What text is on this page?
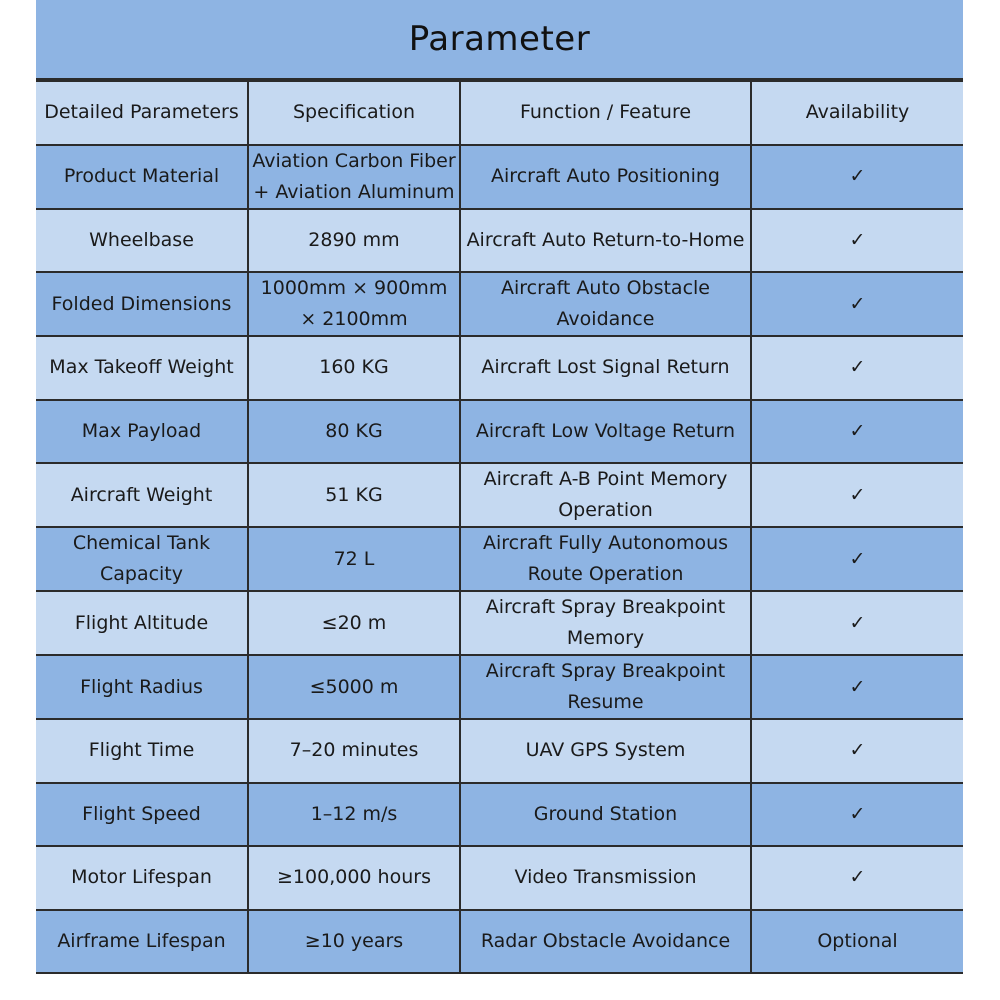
Parameter
Detailed Parameters	Specification	Function / Feature	Availability
Product Material	Aviation Carbon Fiber + Aviation Aluminum	Aircraft Auto Positioning	✓
Wheelbase	2890 mm	Aircraft Auto Return-to-Home	✓
Folded Dimensions	1000mm × 900mm × 2100mm	Aircraft Auto Obstacle Avoidance	✓
Max Takeoff Weight	160 KG	Aircraft Lost Signal Return	✓
Max Payload	80 KG	Aircraft Low Voltage Return	✓
Aircraft Weight	51 KG	Aircraft A-B Point Memory Operation	✓
Chemical Tank Capacity	72 L	Aircraft Fully Autonomous Route Operation	✓
Flight Altitude	≤20 m	Aircraft Spray Breakpoint Memory	✓
Flight Radius	≤5000 m	Aircraft Spray Breakpoint Resume	✓
Flight Time	7–20 minutes	UAV GPS System	✓
Flight Speed	1–12 m/s	Ground Station	✓
Motor Lifespan	≥100,000 hours	Video Transmission	✓
Airframe Lifespan	≥10 years	Radar Obstacle Avoidance	Optional
